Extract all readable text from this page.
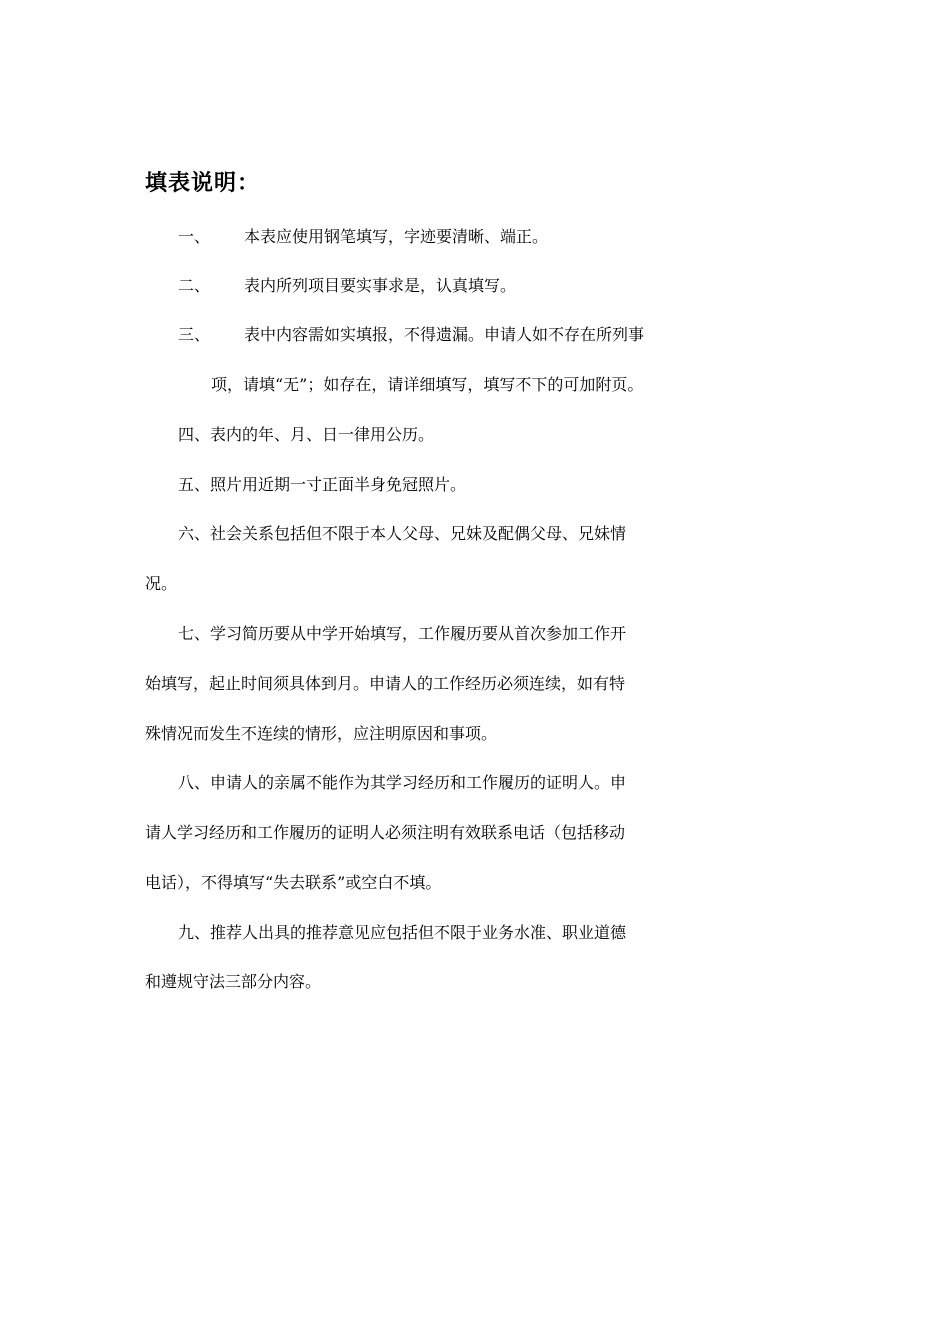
填表说明：
一、 本表应使用钢笔填写，字迹要清晰、端正。
二、 表内所列项目要实事求是，认真填写。
三、 表中内容需如实填报，不得遗漏。申请人如不存在所列事
项，请填“无”；如存在，请详细填写，填写不下的可加附页。
四、表内的年、月、日一律用公历。
五、照片用近期一寸正面半身免冠照片。
六、社会关系包括但不限于本人父母、兄妹及配偶父母、兄妹情
况。
七、学习简历要从中学开始填写，工作履历要从首次参加工作开
始填写，起止时间须具体到月。申请人的工作经历必须连续，如有特
殊情况而发生不连续的情形，应注明原因和事项。
八、申请人的亲属不能作为其学习经历和工作履历的证明人。申
请人学习经历和工作履历的证明人必须注明有效联系电话（包括移动
电话），不得填写“失去联系”或空白不填。
九、推荐人出具的推荐意见应包括但不限于业务水准、职业道德
和遵规守法三部分内容。
